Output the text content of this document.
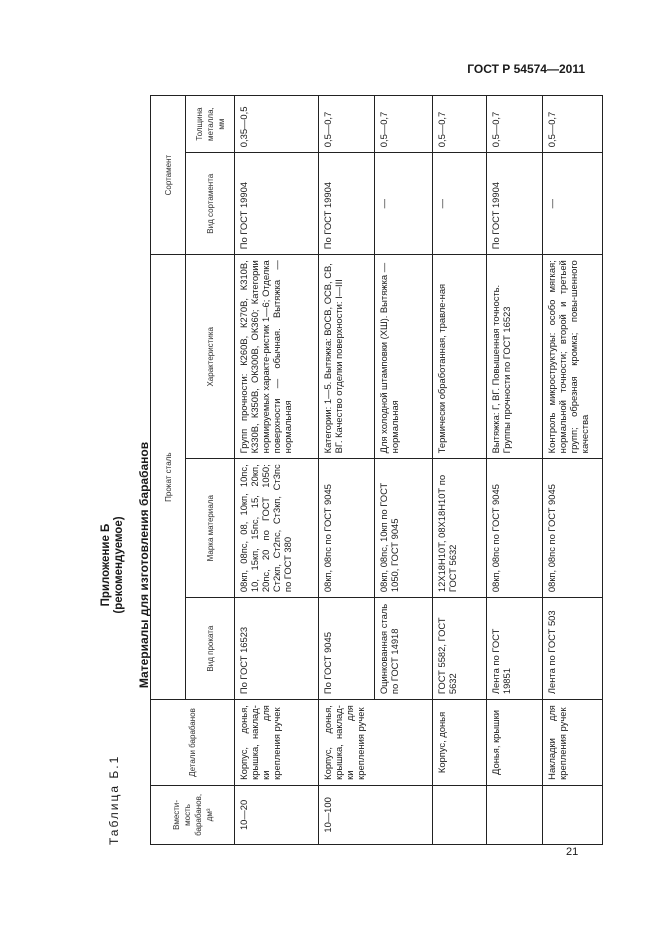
ГОСТ Р 54574—2011
Приложение Б (рекомендуемое) Материалы для изготовления барабанов
Таблица Б.1	Вмести-мость барабанов, дм³	Детали барабанов	Прокат сталь			Сортамент	
		Вид проката	Марка материала	Характеристика	Вид сортамента	Толщина металла, мм
10—20	Корпус, донья, крышка, наклад-ки для крепления ручек	По ГОСТ 16523	08кп, 08пс, 08, 10кп, 10пс, 10, 15кп, 15пс, 15, 20кп, 20пс, 20 по ГОСТ 1050; Ст2кп, Ст2пс, Ст3кп, Ст3пс по ГОСТ 380	Групп прочности: К260В, К270В, К310В, К330В, К350В, ОК300В, ОК360; Категории нормируемых характе-ристик 1—6; Отделка поверхности — обычная. Вытяжка — нормальная	По ГОСТ 19904	0,35—0,5
10—100	Корпус, донья, крышка, наклад-ки для крепления ручек	По ГОСТ 9045	08кп, 08пс по ГОСТ 9045	Категории: 1—5. Вытяжка: ВОСВ, ОСВ, СВ, ВГ. Качество отделки поверхности: I—III	По ГОСТ 19904	0,5—0,7
		Оцинкованная сталь по ГОСТ 14918	08кп, 08пс, 10кп по ГОСТ 1050, ГОСТ 9045	Для холодной штамповки (ХШ). Вытяжка — нормальная	—	0,5—0,7
	Корпус, донья	ГОСТ 5582, ГОСТ 5632	12Х18Н10Т, 08Х18Н10Т по ГОСТ 5632	Термически обработанная, травле-ная	—	0,5—0,7
	Донья, крышки	Лента по ГОСТ 19851	08кп, 08пс по ГОСТ 9045	Вытяжка: Г, ВГ. Повышенная точность. Группы прочности по ГОСТ 16523	По ГОСТ 19904	0,5—0,7
	Накладки для крепления ручек	Лента по ГОСТ 503	08кп, 08пс по ГОСТ 9045	Контроль микроструктуры: особо мягкая; нормальной точности; второй и третьей групп; обрезная кромка; повы-шенного качества	—	0,5—0,7
21
